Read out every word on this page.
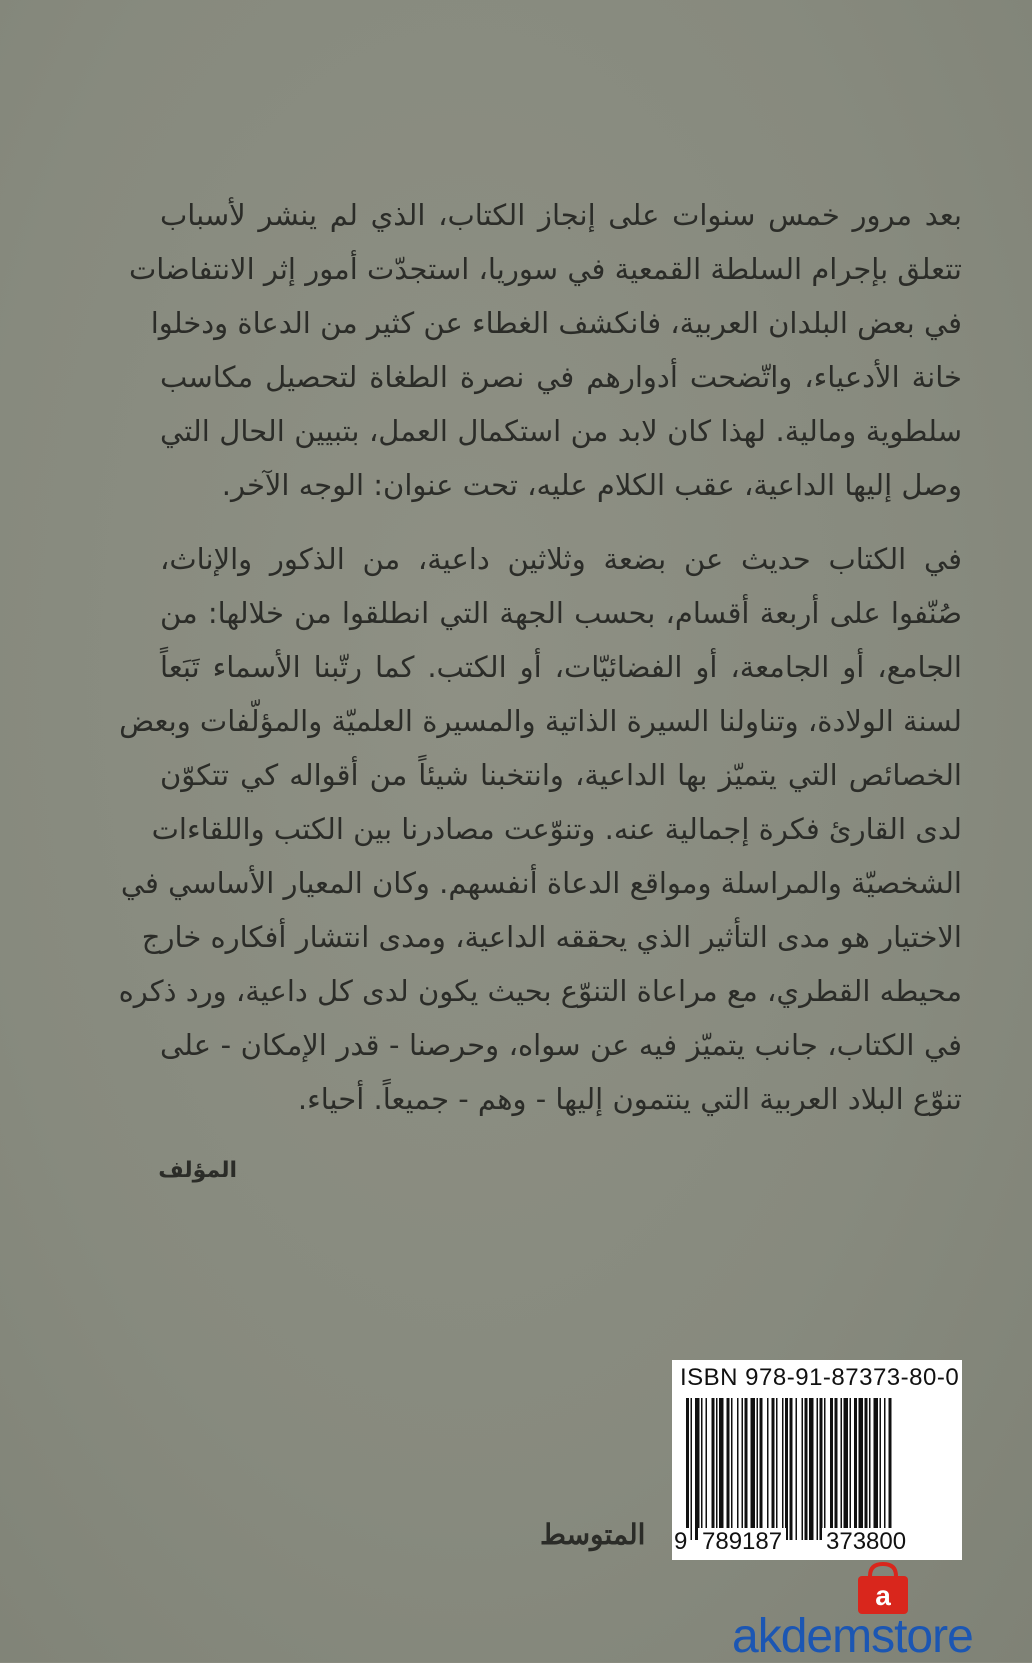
بعد مرور خمس سنوات على إنجاز الكتاب، الذي لم ينشر لأسباب
تتعلق بإجرام السلطة القمعية في سوريا، استجدّت أمور إثر الانتفاضات
في بعض البلدان العربية، فانكشف الغطاء عن كثير من الدعاة ودخلوا
خانة الأدعياء، واتّضحت أدوارهم في نصرة الطغاة لتحصيل مكاسب
سلطوية ومالية. لهذا كان لابد من استكمال العمل، بتبيين الحال التي
وصل إليها الداعية، عقب الكلام عليه، تحت عنوان: الوجه الآخر.
في الكتاب حديث عن بضعة وثلاثين داعية، من الذكور والإناث،
صُنّفوا على أربعة أقسام، بحسب الجهة التي انطلقوا من خلالها: من
الجامع، أو الجامعة، أو الفضائيّات، أو الكتب. كما رتّبنا الأسماء تَبَعاً
لسنة الولادة، وتناولنا السيرة الذاتية والمسيرة العلميّة والمؤلّفات وبعض
الخصائص التي يتميّز بها الداعية، وانتخبنا شيئاً من أقواله كي تتكوّن
لدى القارئ فكرة إجمالية عنه. وتنوّعت مصادرنا بين الكتب واللقاءات
الشخصيّة والمراسلة ومواقع الدعاة أنفسهم. وكان المعيار الأساسي في
الاختيار هو مدى التأثير الذي يحققه الداعية، ومدى انتشار أفكاره خارج
محيطه القطري، مع مراعاة التنوّع بحيث يكون لدى كل داعية، ورد ذكره
في الكتاب، جانب يتميّز فيه عن سواه، وحرصنا - قدر الإمكان - على
تنوّع البلاد العربية التي ينتمون إليها - وهم - جميعاً. أحياء.
المؤلف
ISBN 978-91-87373-80-0
9 789187 373800
المتوسط
a
akdemstore
